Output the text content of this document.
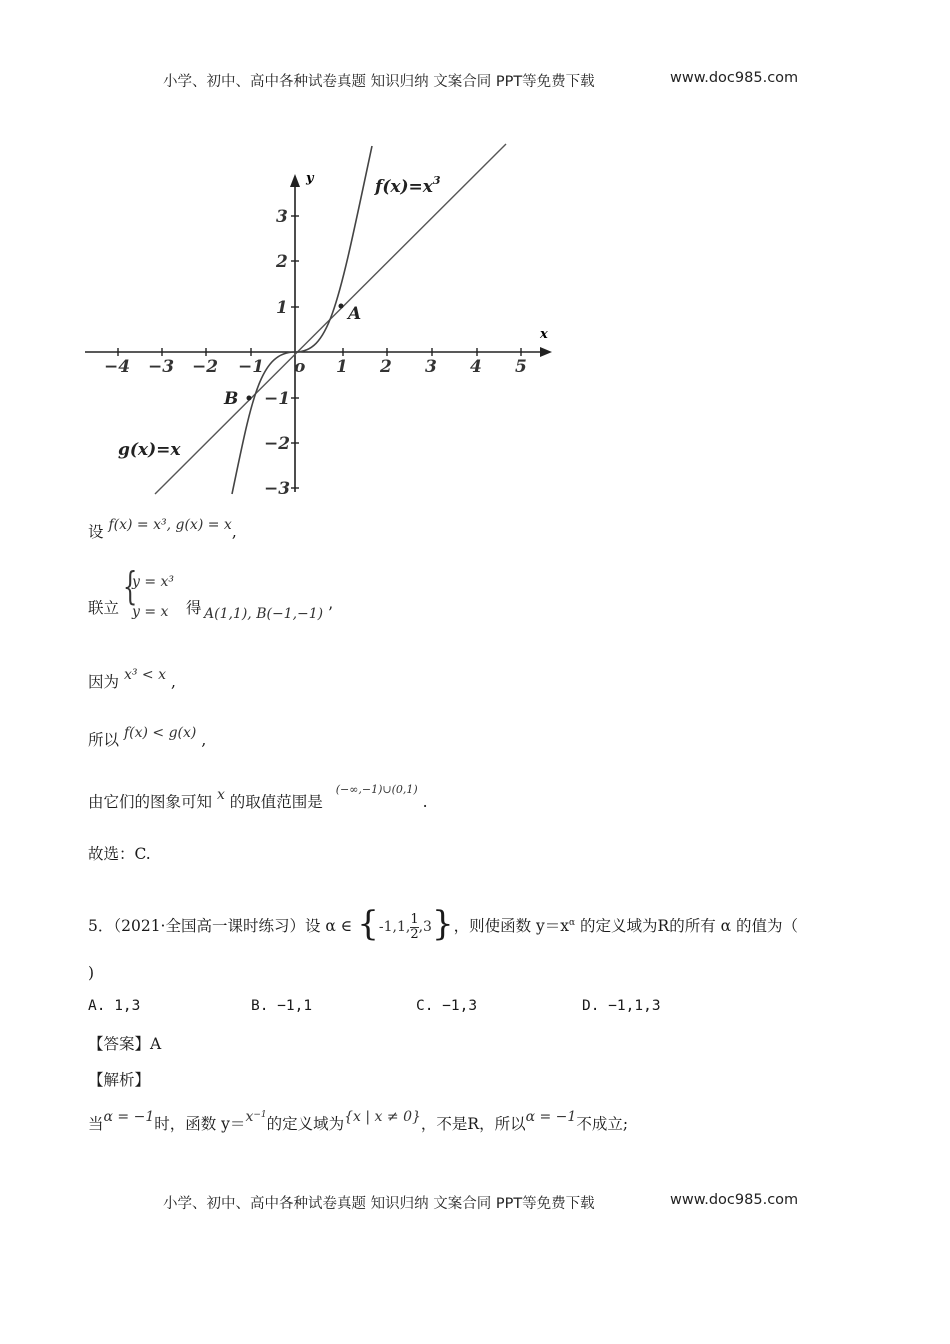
小学、初中、高中各种试卷真题 知识归纳 文案合同 PPT等免费下载	www.doc985.com
x
y
−4 −3 −2 −1 o 1 2 3 4 5
3
2
1
−1
−2
−3
A
B
$f(x)=x^3$
g(x)=x
设 f(x) = x³, g(x) = x,
联立 {
y = x³
y = x 得 A(1,1), B(−1,−1) ’
因为 x³ < x ,
所以 f(x) < g(x) ,
由它们的图象可知 x 的取值范围是 $^{(-\infty,-1)\cup(0,1)}$ .
故选：C.
5．（2021·全国高一课时练习）设 α ∈ {-1,1, $\frac{1}{2} ,3$}，则使函数 $y=x^\alpha$ 的定义域为R的所有 α 的值为（
)
A. 1,3	B. −1,1	C. −1,3	D. −1,1,3
【答案】A
【解析】
当α = −1时，函数 $y=x^{-1}$的定义域为{x | x ≠ 0}，不是R，所以α = −1不成立;
小学、初中、高中各种试卷真题 知识归纳 文案合同 PPT等免费下载	www.doc985.com
